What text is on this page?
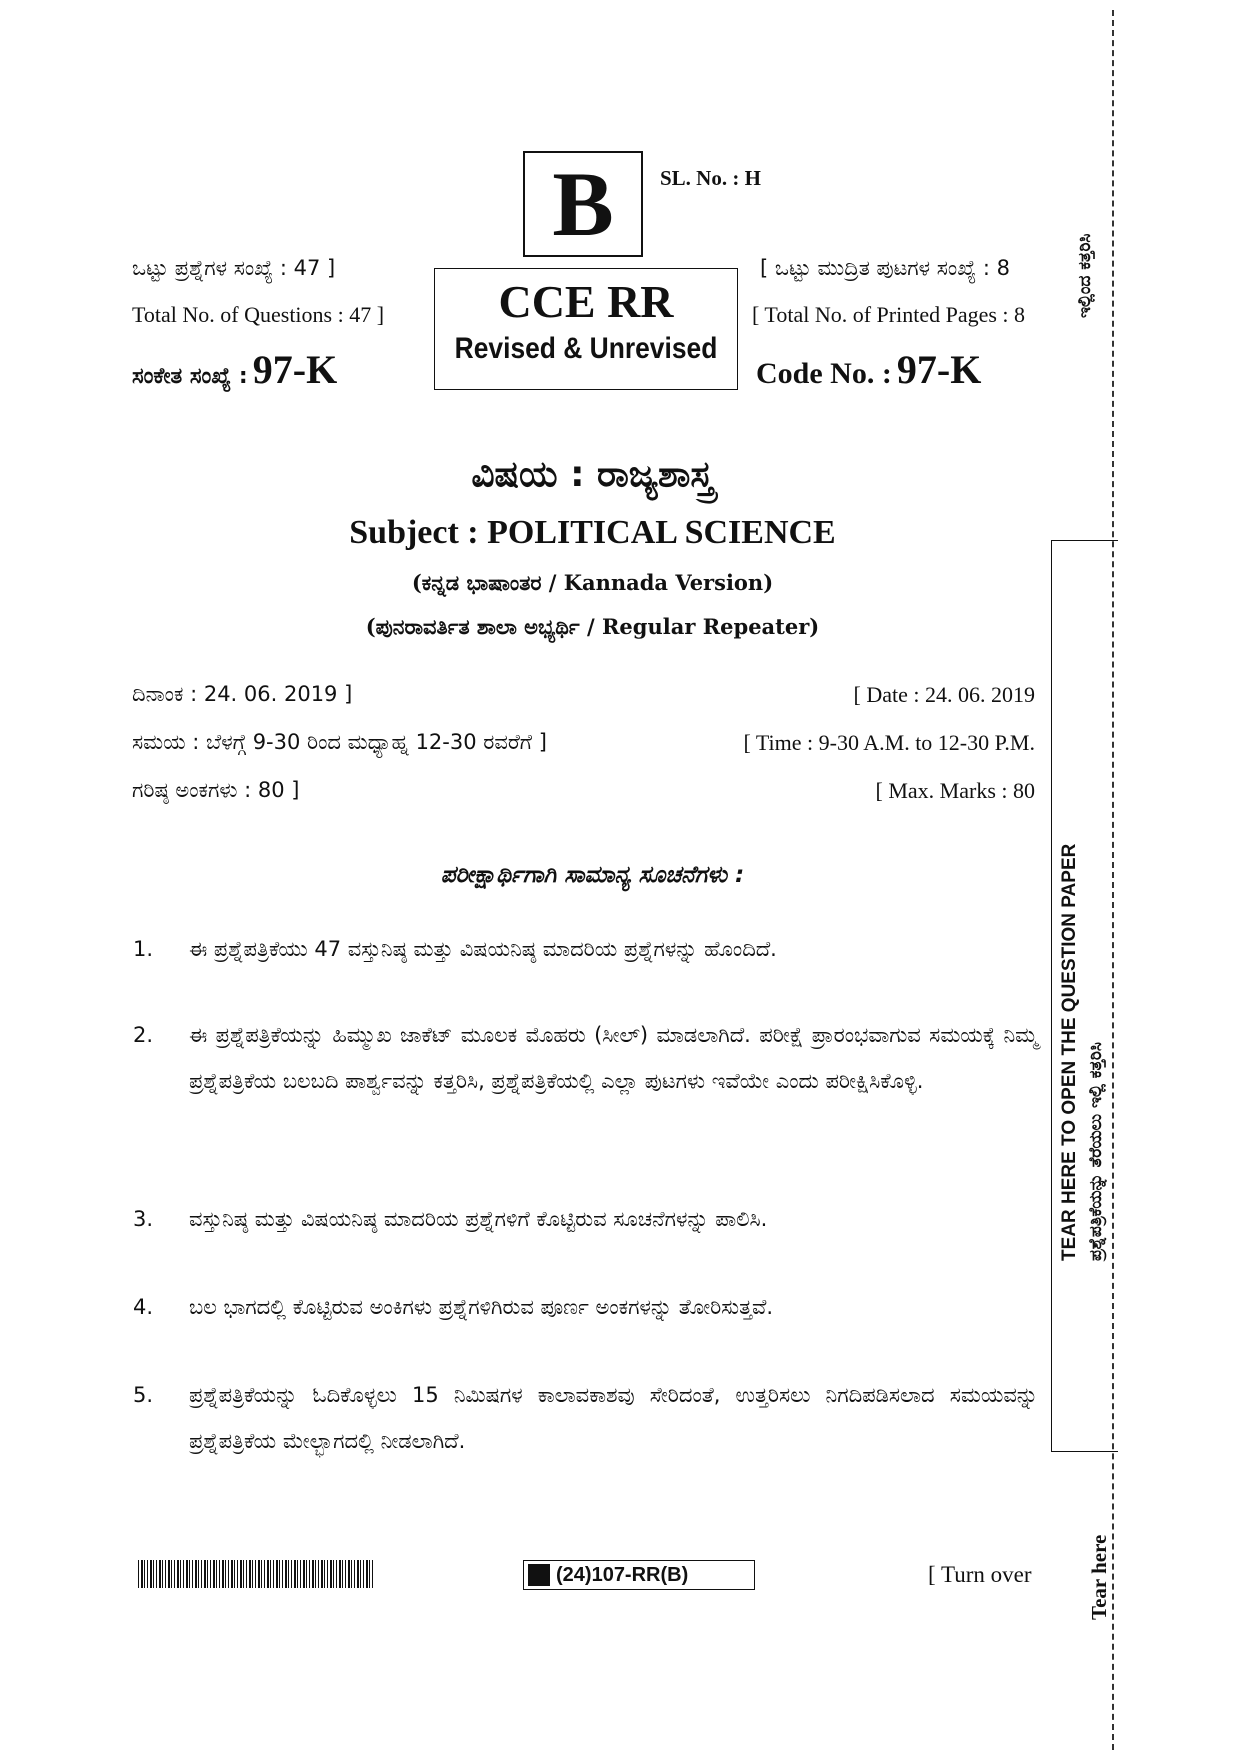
B SL. No. : H
ಒಟ್ಟು ಪ್ರಶ್ನೆಗಳ ಸಂಖ್ಯೆ : 47 ]
Total No. of Questions : 47 ]
ಸಂಕೇತ ಸಂಖ್ಯೆ : 97-K
CCE RR
Revised & Unrevised
[ ಒಟ್ಟು ಮುದ್ರಿತ ಪುಟಗಳ ಸಂಖ್ಯೆ : 8
[ Total No. of Printed Pages : 8
Code No. : 97-K
ವಿಷಯ : ರಾಜ್ಯಶಾಸ್ತ್ರ
Subject : POLITICAL SCIENCE
(ಕನ್ನಡ ಭಾಷಾಂತರ / Kannada Version)
(ಪುನರಾವರ್ತಿತ ಶಾಲಾ ಅಭ್ಯರ್ಥಿ / Regular Repeater)
ದಿನಾಂಕ : 24. 06. 2019 ]	[ Date : 24. 06. 2019
ಸಮಯ : ಬೆಳಗ್ಗೆ 9-30 ರಿಂದ ಮಧ್ಯಾಹ್ನ 12-30 ರವರೆಗೆ ]	[ Time : 9-30 A.M. to 12-30 P.M.
ಗರಿಷ್ಠ ಅಂಕಗಳು : 80 ]	[ Max. Marks : 80
ಪರೀಕ್ಷಾರ್ಥಿಗಾಗಿ ಸಾಮಾನ್ಯ ಸೂಚನೆಗಳು :
1.	ಈ ಪ್ರಶ್ನೆಪತ್ರಿಕೆಯು 47 ವಸ್ತುನಿಷ್ಠ ಮತ್ತು ವಿಷಯನಿಷ್ಠ ಮಾದರಿಯ ಪ್ರಶ್ನೆಗಳನ್ನು ಹೊಂದಿದೆ.
2.	ಈ ಪ್ರಶ್ನೆಪತ್ರಿಕೆಯನ್ನು ಹಿಮ್ಮುಖ ಜಾಕೆಟ್ ಮೂಲಕ ಮೊಹರು (ಸೀಲ್) ಮಾಡಲಾಗಿದೆ. ಪರೀಕ್ಷೆ ಪ್ರಾರಂಭವಾಗುವ ಸಮಯಕ್ಕೆ ನಿಮ್ಮ ಪ್ರಶ್ನೆಪತ್ರಿಕೆಯ ಬಲಬದಿ ಪಾರ್ಶ್ವವನ್ನು ಕತ್ತರಿಸಿ, ಪ್ರಶ್ನೆಪತ್ರಿಕೆಯಲ್ಲಿ ಎಲ್ಲಾ ಪುಟಗಳು ಇವೆಯೇ ಎಂದು ಪರೀಕ್ಷಿಸಿಕೊಳ್ಳಿ.
3.	ವಸ್ತುನಿಷ್ಠ ಮತ್ತು ವಿಷಯನಿಷ್ಠ ಮಾದರಿಯ ಪ್ರಶ್ನೆಗಳಿಗೆ ಕೊಟ್ಟಿರುವ ಸೂಚನೆಗಳನ್ನು ಪಾಲಿಸಿ.
4.	ಬಲ ಭಾಗದಲ್ಲಿ ಕೊಟ್ಟಿರುವ ಅಂಕಿಗಳು ಪ್ರಶ್ನೆಗಳಿಗಿರುವ ಪೂರ್ಣ ಅಂಕಗಳನ್ನು ತೋರಿಸುತ್ತವೆ.
5.	ಪ್ರಶ್ನೆಪತ್ರಿಕೆಯನ್ನು ಓದಿಕೊಳ್ಳಲು 15 ನಿಮಿಷಗಳ ಕಾಲಾವಕಾಶವು ಸೇರಿದಂತೆ, ಉತ್ತರಿಸಲು ನಿಗದಿಪಡಿಸಲಾದ ಸಮಯವನ್ನು ಪ್ರಶ್ನೆಪತ್ರಿಕೆಯ ಮೇಲ್ಭಾಗದಲ್ಲಿ ನೀಡಲಾಗಿದೆ.
TEAR HERE TO OPEN THE QUESTION PAPER ಪ್ರಶ್ನೆಪತ್ರಿಕೆಯನ್ನು ತೆರೆಯಲು ಇಲ್ಲಿ ಕತ್ತರಿಸಿ
ಇಲ್ಲಿಂದ ಕತ್ತರಿಸಿ
Tear here
(24)107-RR(B)	[ Turn over
